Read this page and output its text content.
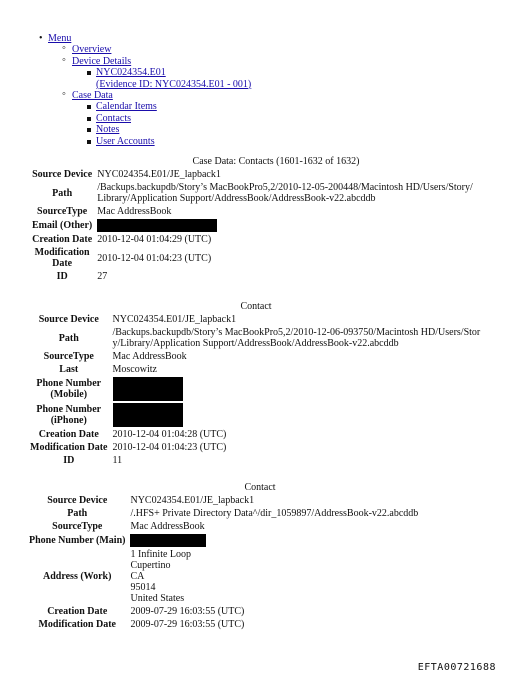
• Menu
◦ Overview
◦ Device Details
NYC024354.E01
(Evidence ID: NYC024354.E01 - 001)
◦ Case Data
Calendar Items
Contacts
Notes
User Accounts
Case Data: Contacts (1601-1632 of 1632)
Source Device	NYC024354.E01/JE_lapback1
Path	/Backups.backupdb/Story’s MacBookPro5,2/2010-12-05-200448/Macintosh HD/Users/Story/
Library/Application Support/AddressBook/AddressBook-v22.abcddb

SourceType	Mac AddressBook
Email (Other)	
Creation Date	2010-12-04 01:04:29 (UTC)

Modification
Date	2010-12-04 01:04:23 (UTC)
ID	27
Contact
Source Device	NYC024354.E01/JE_lapback1
Path	/Backups.backupdb/Story’s MacBookPro5,2/2010-12-06-093750/Macintosh HD/Users/Stor
y/Library/Application Support/AddressBook/AddressBook-v22.abcddb

SourceType	Mac AddressBook
Last	Moscowitz

Phone Number
(Mobile)	

Phone Number
(iPhone)	

Creation Date	2010-12-04 01:04:28 (UTC)
Modification Date	2010-12-04 01:04:23 (UTC)
ID	11
Contact
Source Device	NYC024354.E01/JE_lapback1
Path	/.HFS+ Private Directory Data^/dir_1059897/AddressBook-v22.abcddb
SourceType	Mac AddressBook
Phone Number (Main)	
Address (Work)	1 Infinite Loop
Cupertino
CA
95014
United States

Creation Date	2009-07-29 16:03:55 (UTC)
Modification Date	2009-07-29 16:03:55 (UTC)
EFTA00721688
